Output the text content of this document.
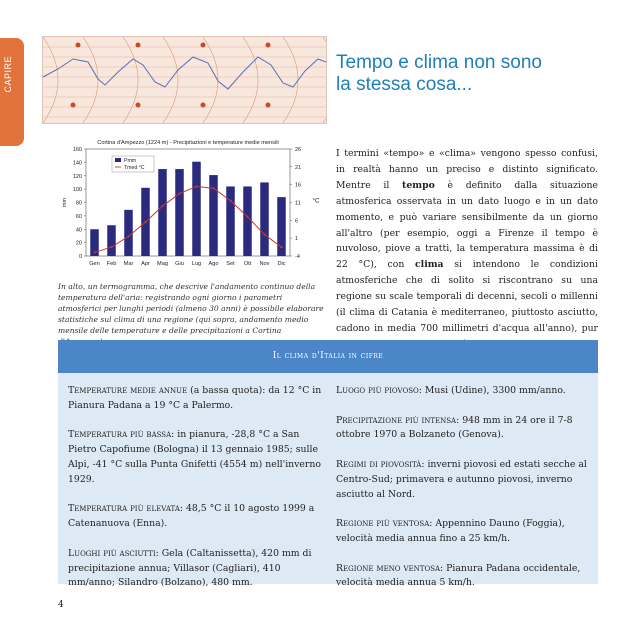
CAPIRE	Tempo e clima non sono
la stessa cosa...
Cortina d'Ampezzo (1224 m) - Precipitazioni e temperature medie mensili
0
20
40
60
80
100
120
140
160
-4
1
6
11
16
21
26
mm	°C
Gen Feb Mar Apr Mag Giu Lug Ago Set Ott Nov Dic
Pmm
Tmed °C
In alto, un termogramma, che descrive l'andamento continuo della temperatura dell'aria: registrando ogni giorno i parametri atmosferici per lunghi periodi (almeno 30 anni) è possibile elaborare statistiche sul clima di una regione (qui sopra, andamento medio mensile delle temperature e delle precipitazioni a Cortina
I termini «tempo» e «clima» vengono spesso confusi, in realtà hanno un preciso e distinto significato. Mentre il tempo è definito dalla situazione atmosferica osservata in un dato luogo e in un dato momento, e può variare sensibilmente da un giorno all'altro (per esempio, oggi a Firenze il tempo è nuvoloso, piove a tratti, la temperatura massima è di 22 °C), con clima si intendono le condizioni atmosferiche che di solito si riscontrano su una regione su scale temporali di decenni, secoli o millenni (il clima di Catania è mediterraneo, piuttosto asciutto, cadono in media 700 millimetri d'acqua all'anno), pur
Il clima d'Italia in cifre

Temperature medie annue (a bassa quota): da 12 °C in Pianura Padana a 19 °C a Palermo.

Temperatura più bassa: in pianura, -28,8 °C a San Pietro Capofiume (Bologna) il 13 gennaio 1985; sulle Alpi, -41 °C sulla Punta Gnifetti (4554 m) nell'inverno 1929.

Temperatura più elevata: 48,5 °C il 10 agosto 1999 a Catenanuova (Enna).

Luoghi più asciutti: Gela (Caltanissetta), 420 mm di precipitazione annua; Villasor (Cagliari), 410 mm/anno; Silandro (Bolzano), 480 mm.

Luogo più piovoso: Musi (Udine), 3300 mm/anno.

Precipitazione più intensa: 948 mm in 24 ore il 7-8 ottobre 1970 a Bolzaneto (Genova).

Regimi di piovosità: inverni piovosi ed estati secche al Centro-Sud; primavera e autunno piovosi, inverno asciutto al Nord.

Regione più ventosa: Appennino Dauno (Foggia), velocità media annua fino a 25 km/h.

Regione meno ventosa: Pianura Padana occidentale, velocità media annua 5 km/h.

4
